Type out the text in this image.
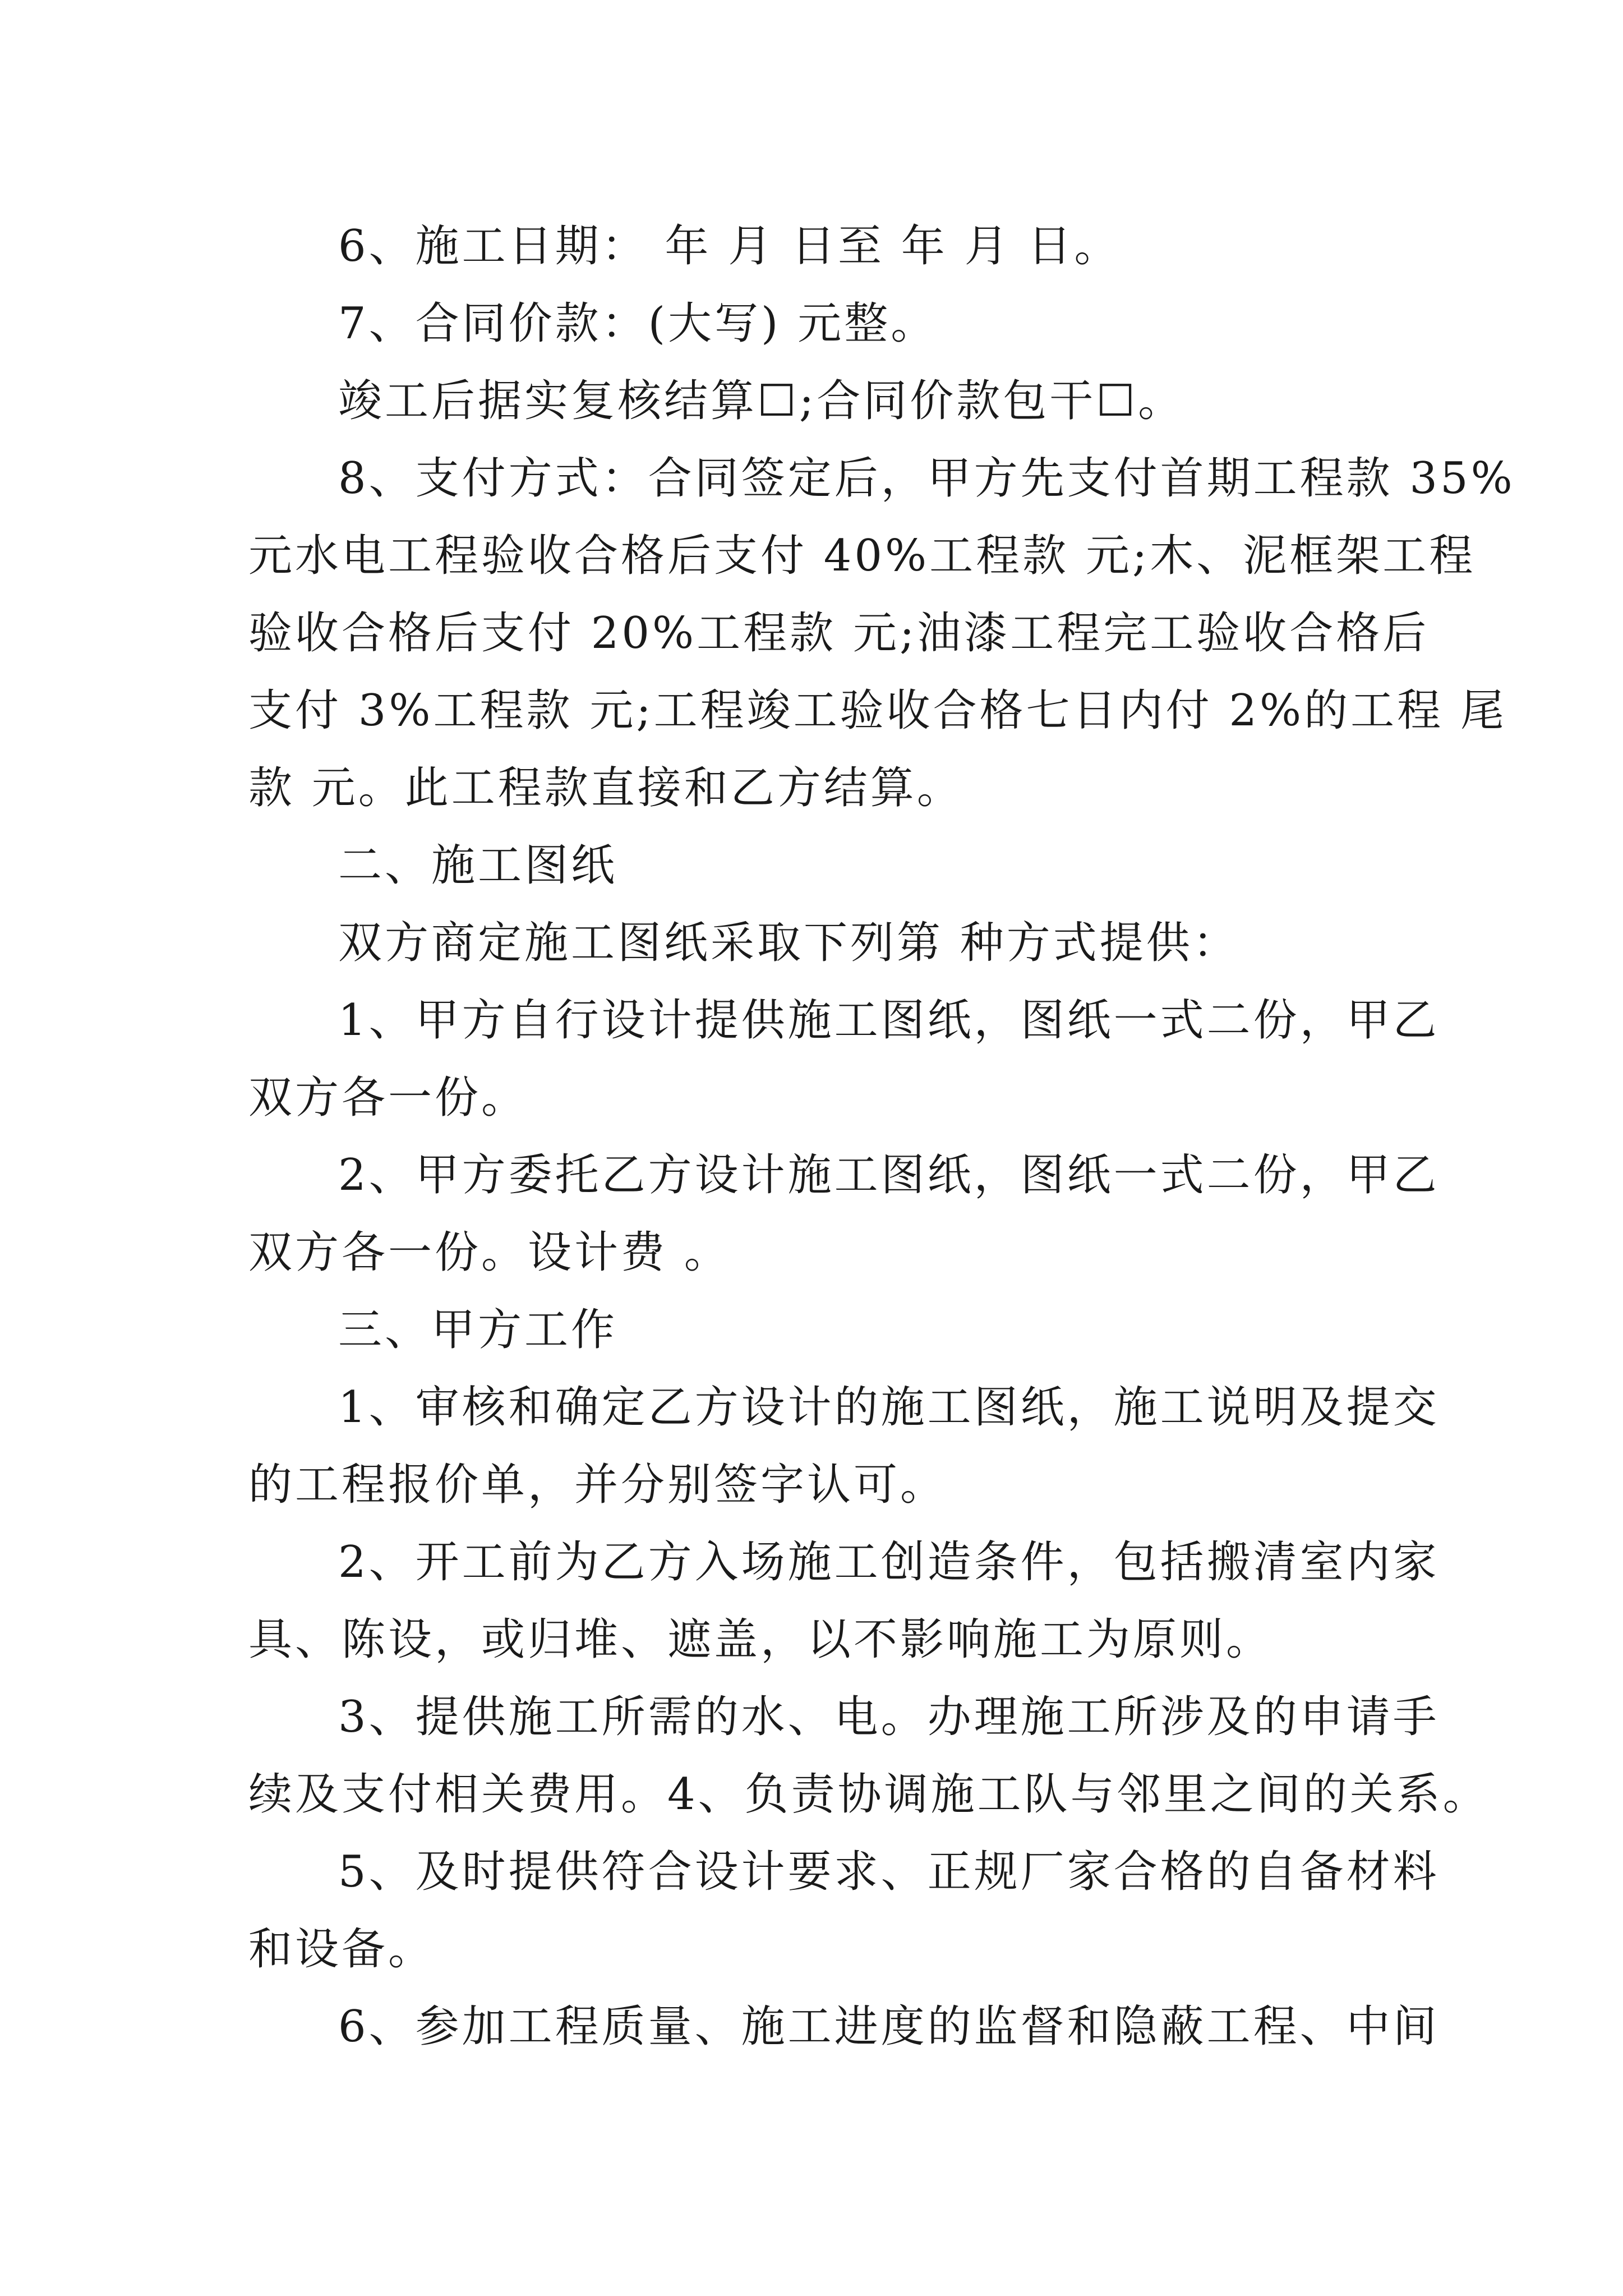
6、施工日期： 年 月 日至 年 月 日。

7、合同价款：(大写) 元整。

竣工后据实复核结算☐;合同价款包干☐。

8、支付方式：合同签定后，甲方先支付首期工程款 35%

元水电工程验收合格后支付 40%工程款 元;木、泥框架工程

验收合格后支付 20%工程款 元;油漆工程完工验收合格后

支付 3%工程款 元;工程竣工验收合格七日内付 2%的工程 尾

款 元。此工程款直接和乙方结算。

二、施工图纸

双方商定施工图纸采取下列第 种方式提供：

1、甲方自行设计提供施工图纸，图纸一式二份，甲乙

双方各一份。

2、甲方委托乙方设计施工图纸，图纸一式二份，甲乙

双方各一份。设计费 。

三、甲方工作

1、审核和确定乙方设计的施工图纸，施工说明及提交

的工程报价单，并分别签字认可。

2、开工前为乙方入场施工创造条件，包括搬清室内家

具、陈设，或归堆、遮盖，以不影响施工为原则。

3、提供施工所需的水、电。办理施工所涉及的申请手

续及支付相关费用。4、负责协调施工队与邻里之间的关系。

5、及时提供符合设计要求、正规厂家合格的自备材料

和设备。

6、参加工程质量、施工进度的监督和隐蔽工程、中间
